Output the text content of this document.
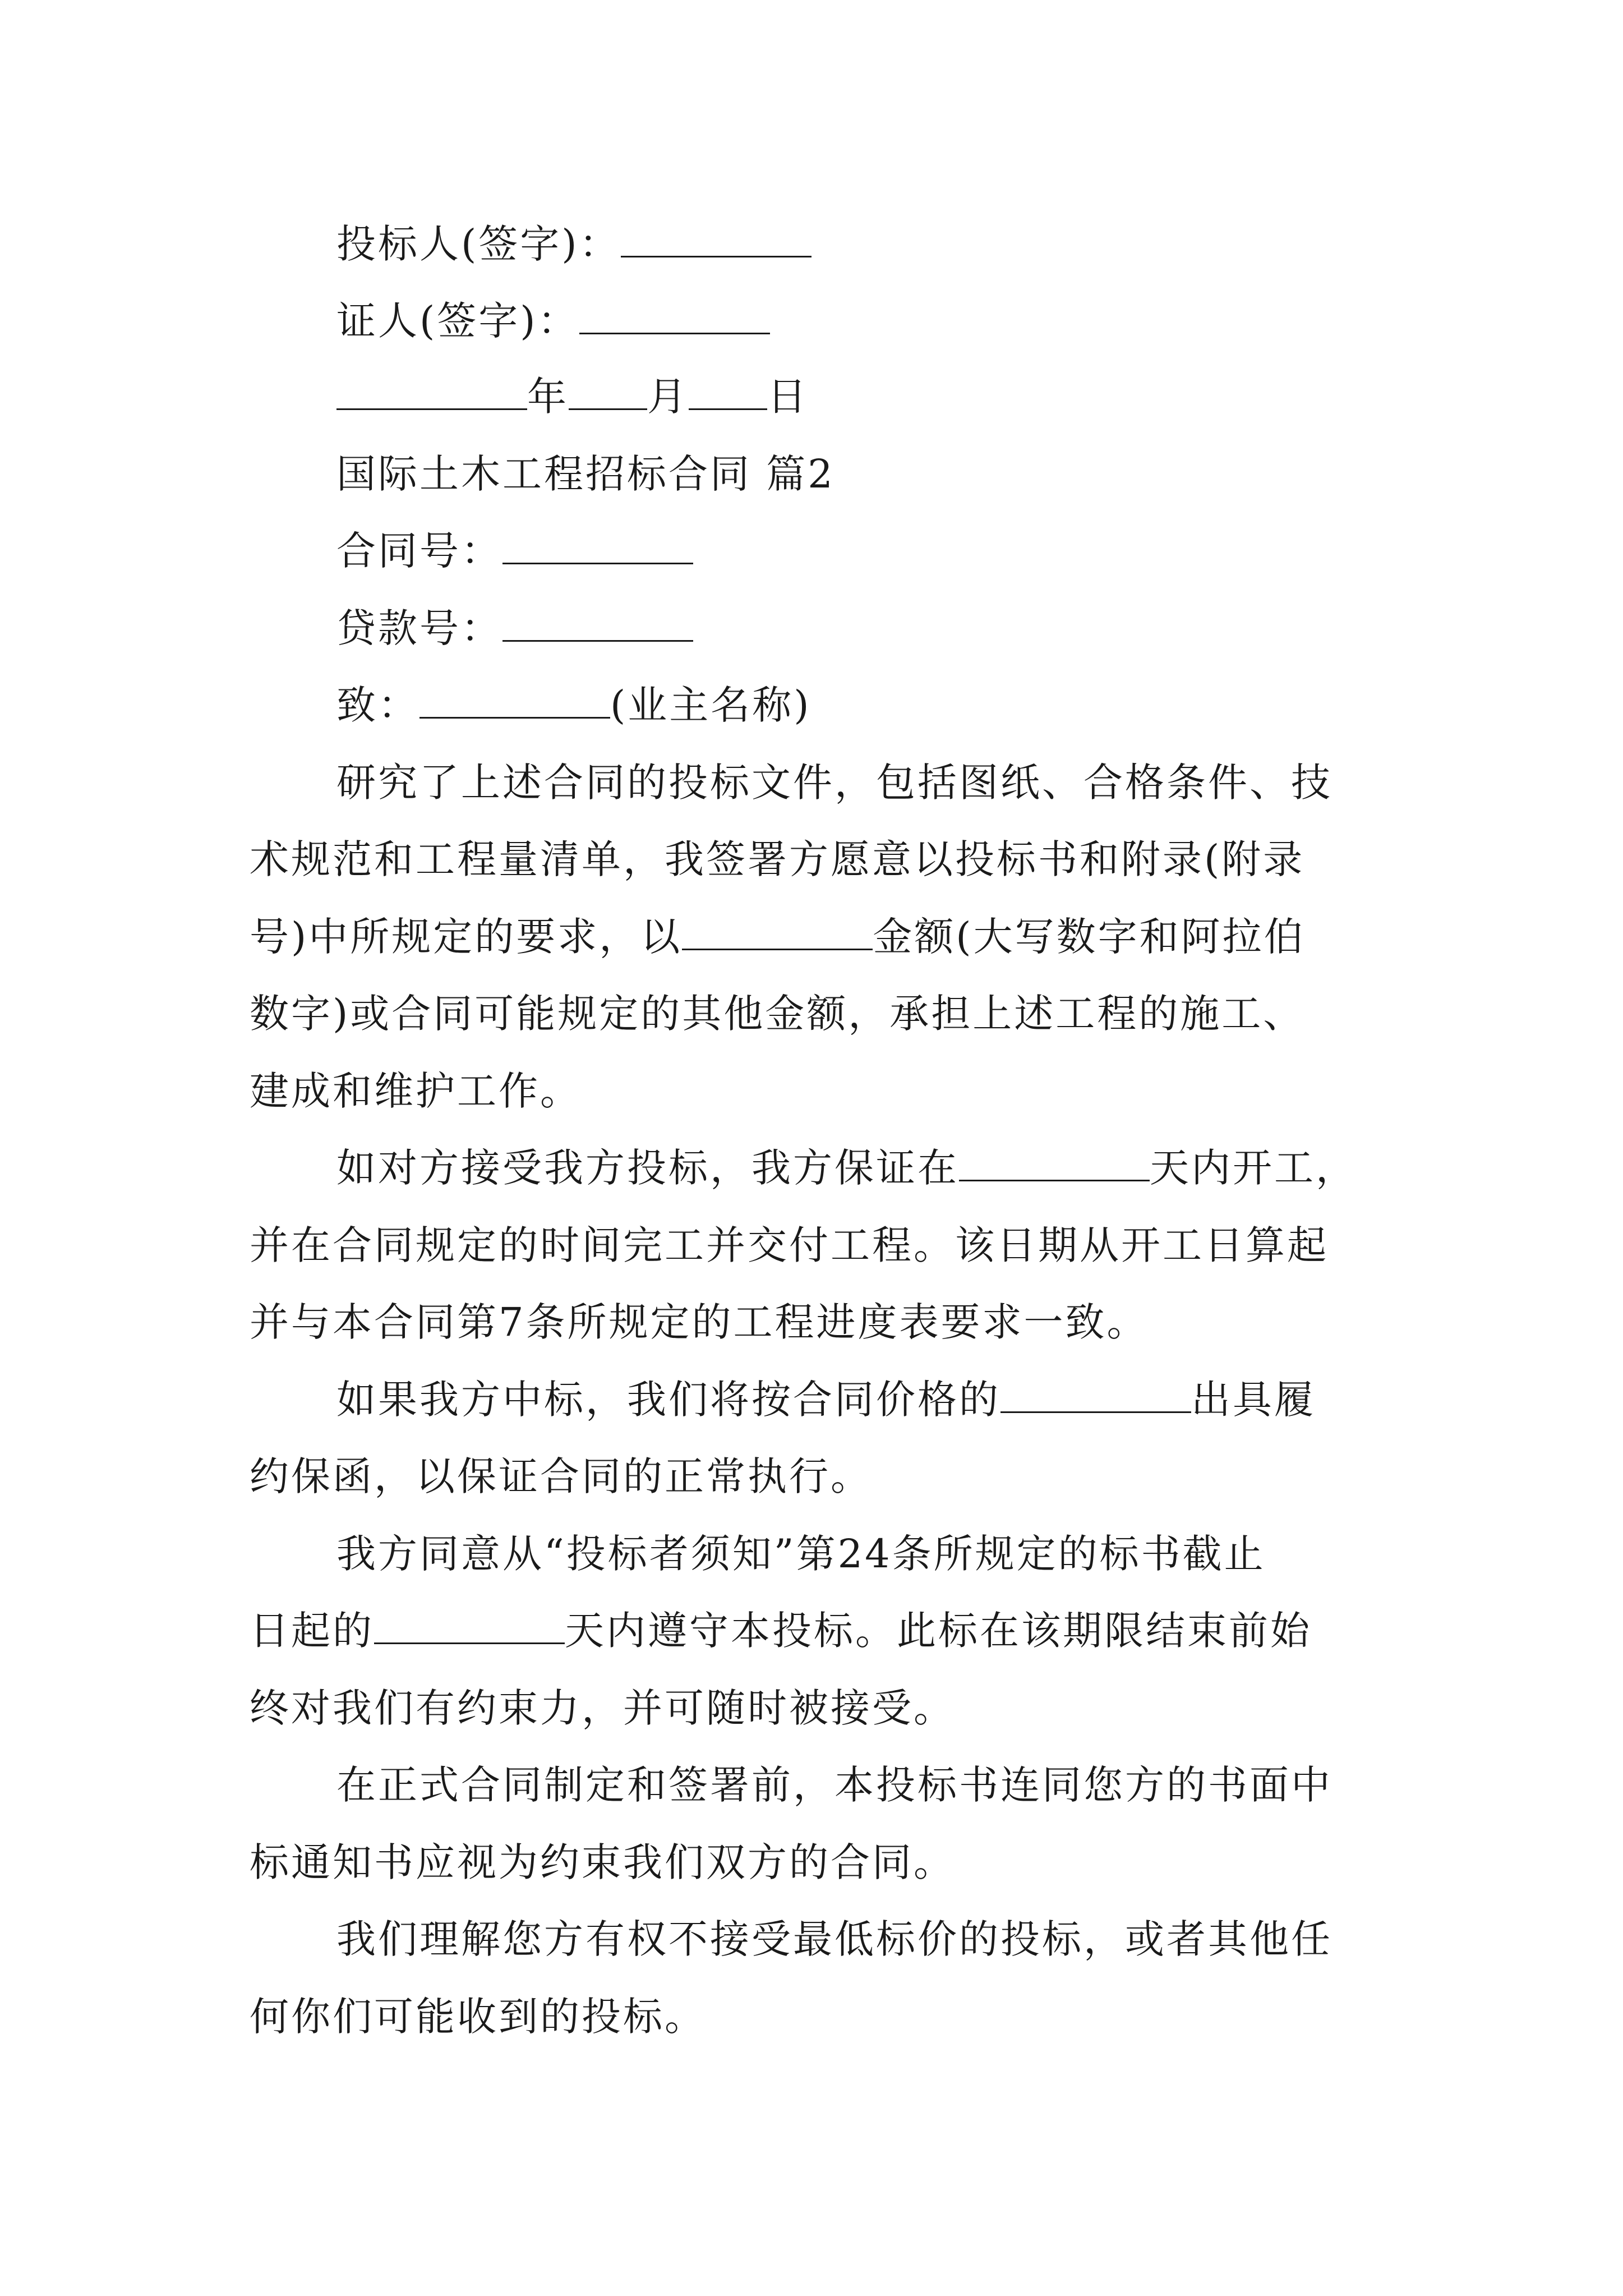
投标人(签字)：
证人(签字)：
年 月 日
国际土木工程招标合同 篇2
合同号：
贷款号：
致：	(业主名称)
研究了上述合同的投标文件，包括图纸、合格条件、技
术规范和工程量清单，我签署方愿意以投标书和附录(附录
号)中所规定的要求，以	金额(大写数字和阿拉伯
数字)或合同可能规定的其他金额，承担上述工程的施工、
建成和维护工作。
如对方接受我方投标，我方保证在	天内开工，
并在合同规定的时间完工并交付工程。该日期从开工日算起
并与本合同第7条所规定的工程进度表要求一致。
如果我方中标，我们将按合同价格的	出具履
约保函，以保证合同的正常执行。
我方同意从“投标者须知”第24条所规定的标书截止
日起的	天内遵守本投标。此标在该期限结束前始
终对我们有约束力，并可随时被接受。
在正式合同制定和签署前，本投标书连同您方的书面中
标通知书应视为约束我们双方的合同。
我们理解您方有权不接受最低标价的投标，或者其他任
何你们可能收到的投标。
